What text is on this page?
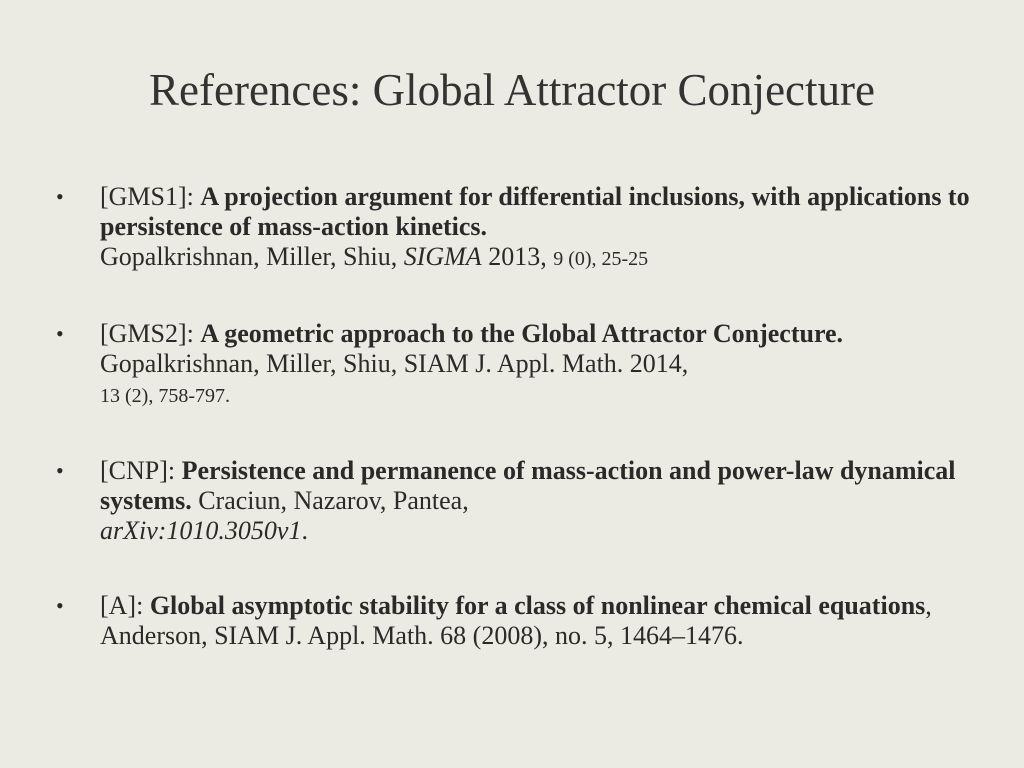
References: Global Attractor Conjecture
• [GMS1]: A projection argument for differential inclusions, with applications to persistence of mass-action kinetics.
Gopalkrishnan, Miller, Shiu, SIGMA 2013, 9 (0), 25-25
• [GMS2]: A geometric approach to the Global Attractor Conjecture. Gopalkrishnan, Miller, Shiu, SIAM J. Appl. Math. 2014,
13 (2), 758-797.
• [CNP]: Persistence and permanence of mass-action and power-law dynamical systems. Craciun, Nazarov, Pantea,
arXiv:1010.3050v1.
• [A]: Global asymptotic stability for a class of nonlinear chemical equations, Anderson, SIAM J. Appl. Math. 68 (2008), no. 5, 1464–1476.
